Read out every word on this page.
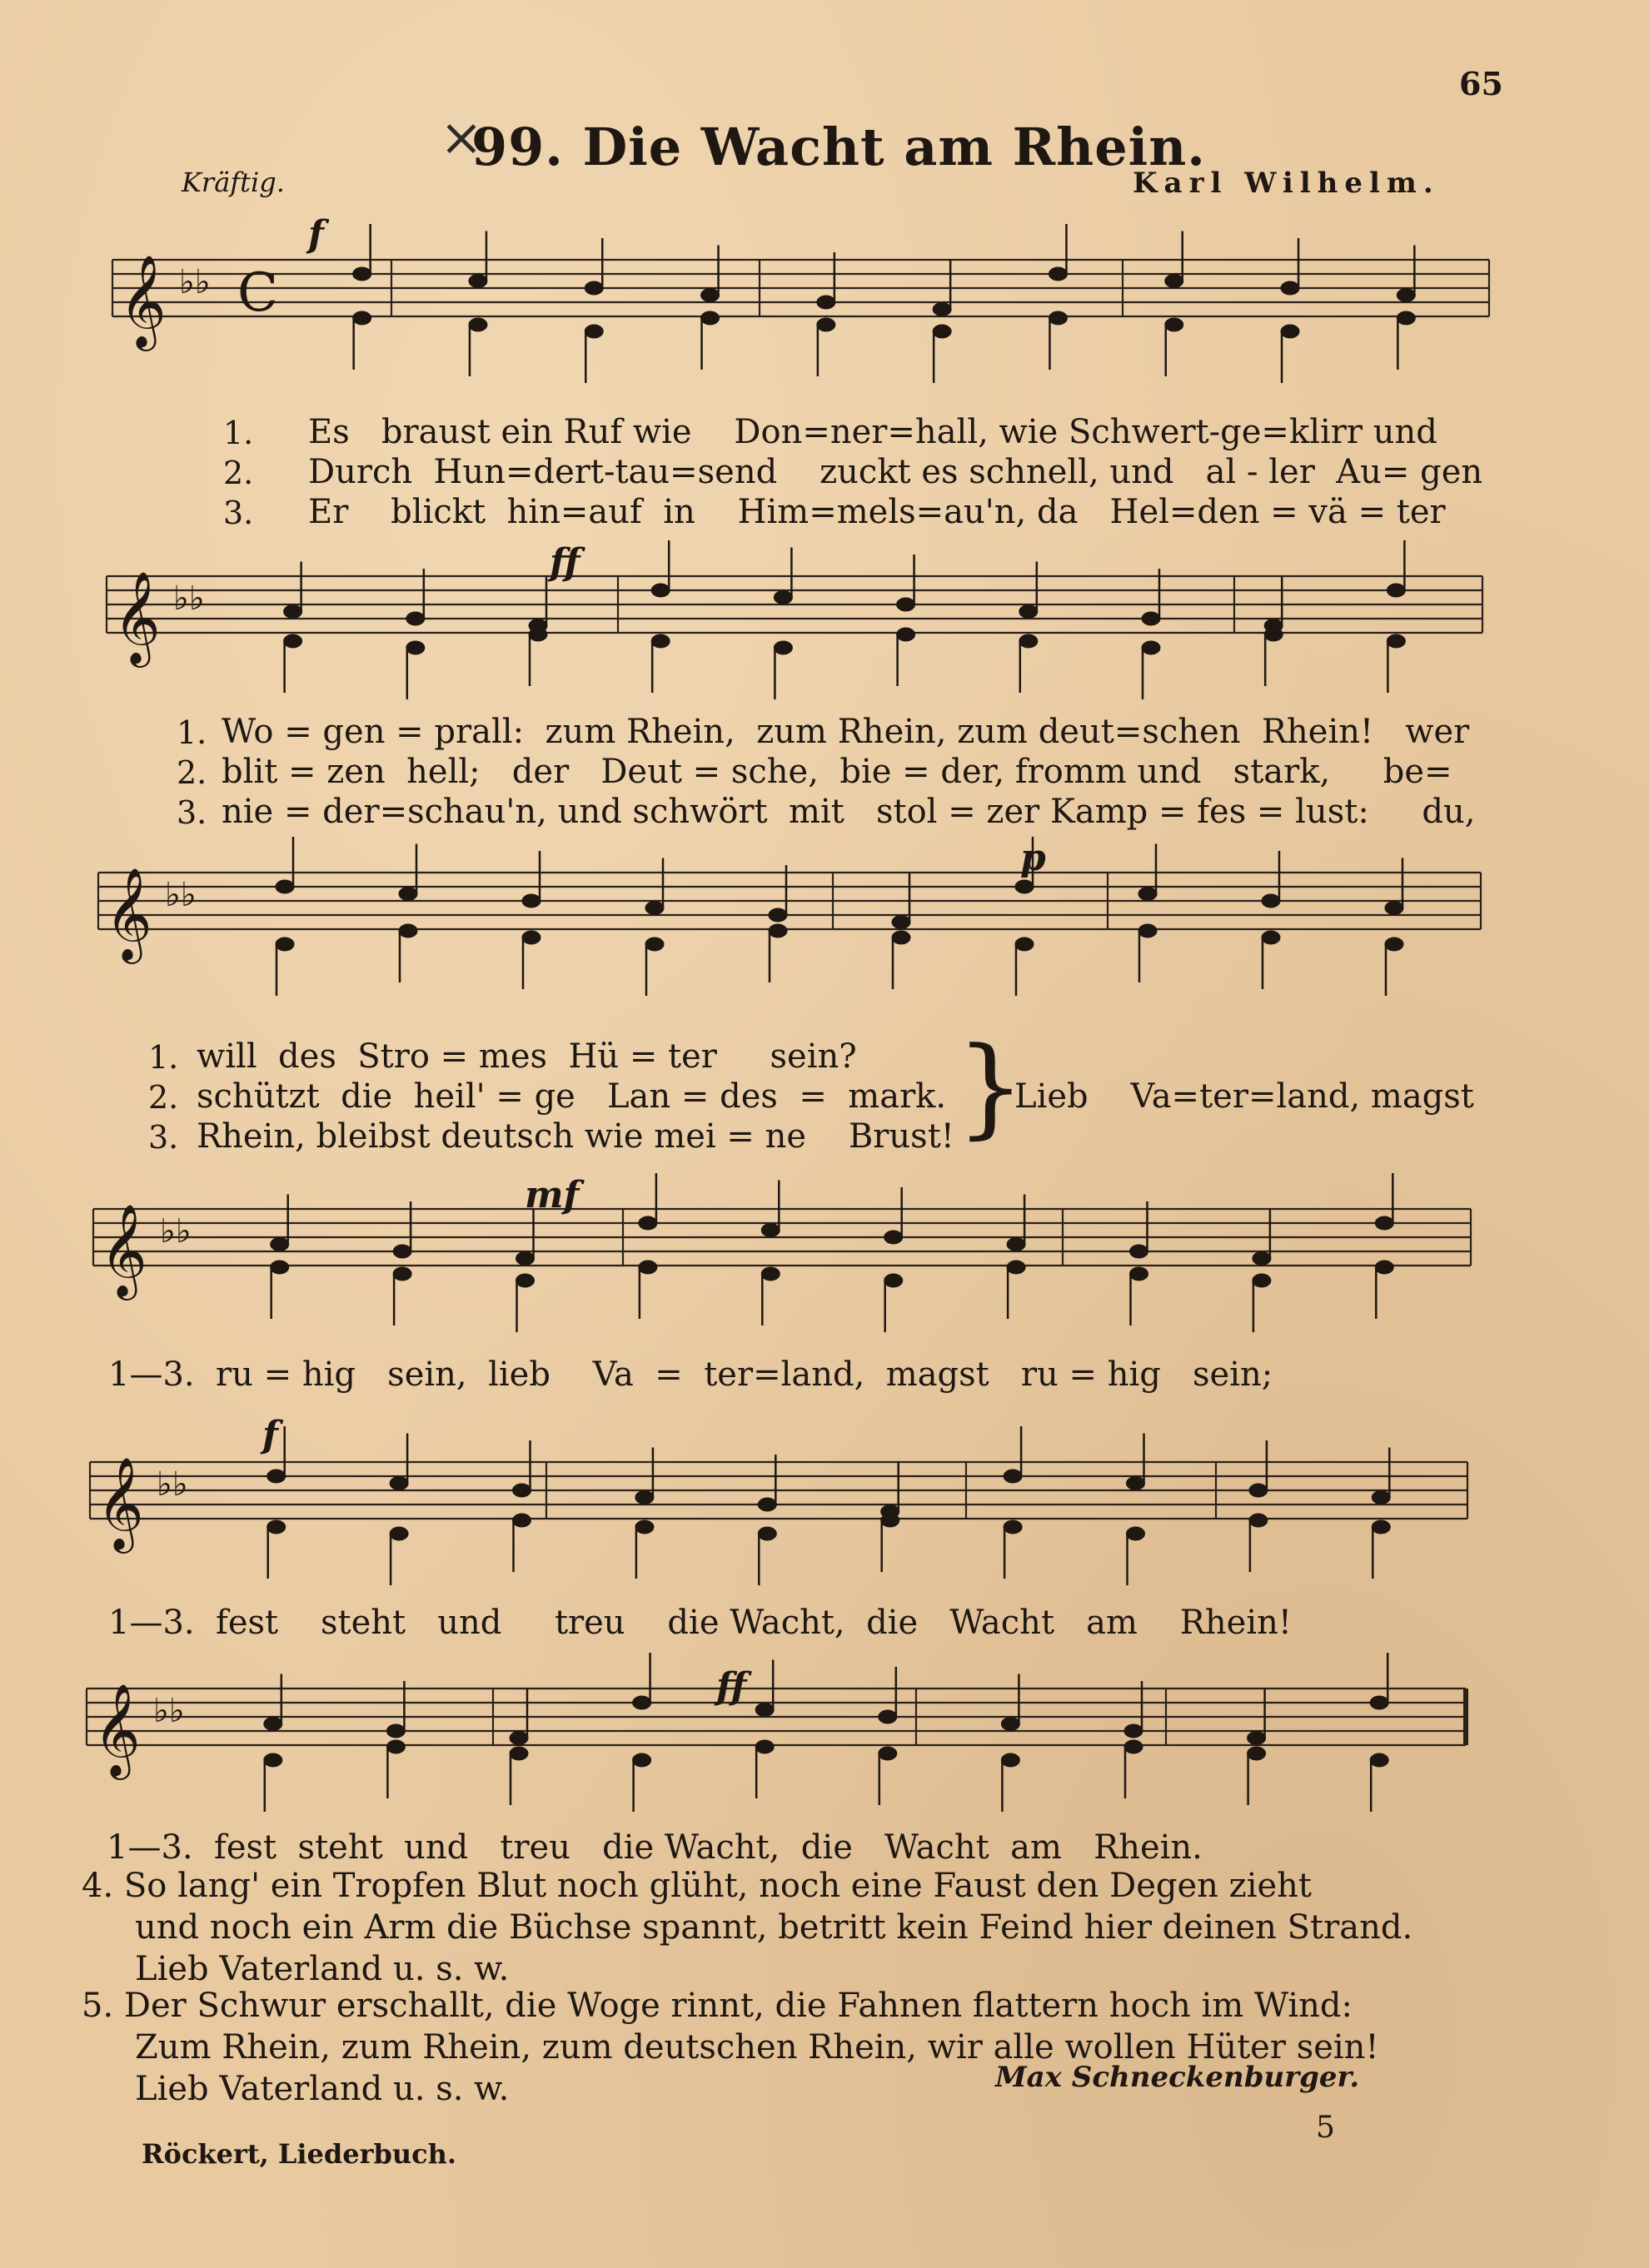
65
×
99. Die Wacht am Rhein.
Kräftig.	Karl Wilhelm.
𝄞 ♭♭ C
𝄞 ♭♭
𝄞 ♭♭
𝄞 ♭♭
𝄞 ♭♭
𝄞 ♭♭
f
ff
p
mf
f
ff
1.
2.
3.
Es   braust ein Ruf wie    Don=ner=hall, wie Schwert-ge=klirr und
Durch  Hun=dert-tau=send    zuckt es schnell, und   al - ler  Au= gen
Er    blickt  hin=auf  in    Him=mels=au'n, da   Hel=den = vä = ter
1.
2.
3.
Wo = gen = prall:  zum Rhein,  zum Rhein, zum deut=schen  Rhein!   wer
blit = zen  hell;   der   Deut = sche,  bie = der, fromm und   stark,     be=
nie = der=schau'n, und schwört  mit   stol = zer Kamp = fes = lust:     du,
1.
2.
3.
will  des  Stro = mes  Hü = ter     sein?
schützt  die  heil' = ge   Lan = des  =  mark.
Rhein, bleibst deutsch wie mei = ne    Brust! }
Lieb    Va=ter=land, magst
1—3.  ru = hig   sein,  lieb    Va  =  ter=land,  magst   ru = hig   sein;
1—3.  fest    steht   und     treu    die Wacht,  die   Wacht   am    Rhein!
1—3.  fest  steht  und   treu   die Wacht,  die   Wacht  am   Rhein.
4. So lang' ein Tropfen Blut noch glüht, noch eine Faust den Degen zieht
und noch ein Arm die Büchse spannt, betritt kein Feind hier deinen Strand.
Lieb Vaterland u. s. w.
5. Der Schwur erschallt, die Woge rinnt, die Fahnen flattern hoch im Wind:
Zum Rhein, zum Rhein, zum deutschen Rhein, wir alle wollen Hüter sein!
Lieb Vaterland u. s. w.	Max Schneckenburger.
5
Röckert, Liederbuch.
